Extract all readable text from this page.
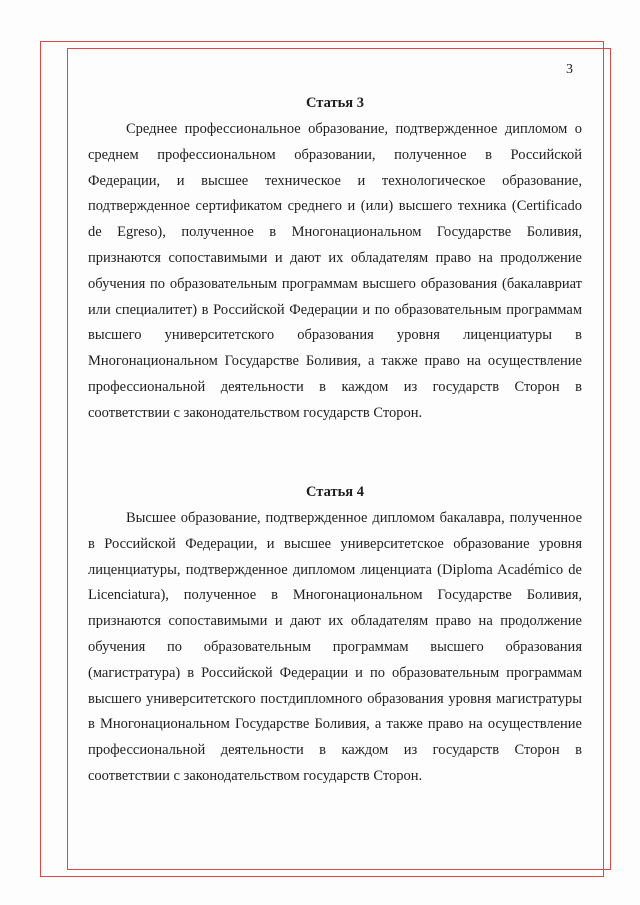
3
Статья 3

Среднее профессиональное образование, подтвержденное дипломом о среднем профессиональном образовании, полученное в Российской Федерации, и высшее техническое и технологическое образование, подтвержденное сертификатом среднего и (или) высшего техника (Certificado de Egreso), полученное в Многонациональном Государстве Боливия, признаются сопоставимыми и дают их обладателям право на продолжение обучения по образовательным программам высшего образования (бакалавриат или специалитет) в Российской Федерации и по образовательным программам высшего университетского образования уровня лиценциатуры в Многонациональном Государстве Боливия, а также право на осуществление профессиональной деятельности в каждом из государств Сторон в соответствии с законодательством государств Сторон.

Статья 4

Высшее образование, подтвержденное дипломом бакалавра, полученное в Российской Федерации, и высшее университетское образование уровня лиценциатуры, подтвержденное дипломом лиценциата (Diploma Académico de Licenciatura), полученное в Многонациональном Государстве Боливия, признаются сопоставимыми и дают их обладателям право на продолжение обучения по образовательным программам высшего образования (магистратура) в Российской Федерации и по образовательным программам высшего университетского постдипломного образования уровня магистратуры в Многонациональном Государстве Боливия, а также право на осуществление профессиональной деятельности в каждом из государств Сторон в соответствии с законодательством государств Сторон.
